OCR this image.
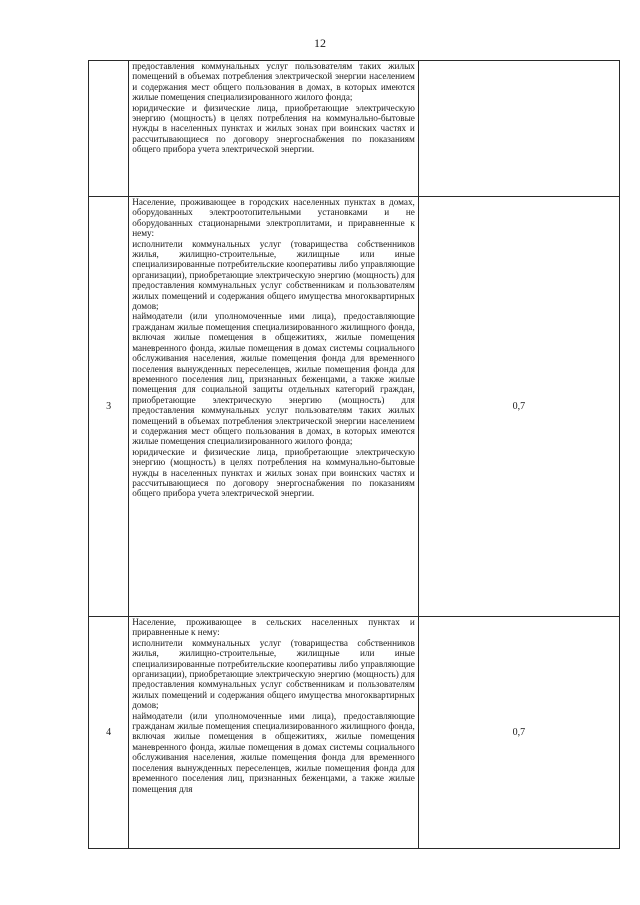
12

	предоставления коммунальных услуг пользователям таких жилых помещений в объемах потребления электрической энергии населением и содержания мест общего пользования в домах, в которых имеются жилые помещения специализированного жилого фонда;

юридические и физические лица, приобретающие электрическую энергию (мощность) в целях потребления на коммунально-бытовые нужды в населенных пунктах и жилых зонах при воинских частях и рассчитывающиеся по договору энергоснабжения по показаниям общего прибора учета электрической энергии.	

3	Население, проживающее в городских населенных пунктах в домах, оборудованных электроотопительными установками и не оборудованных стационарными электроплитами, и приравненные к нему:

исполнители коммунальных услуг (товарищества собственников жилья, жилищно-строительные, жилищные или иные специализированные потребительские кооперативы либо управляющие организации), приобретающие электрическую энергию (мощность) для предоставления коммунальных услуг собственникам и пользователям жилых помещений и содержания общего имущества многоквартирных домов;

наймодатели (или уполномоченные ими лица), предоставляющие гражданам жилые помещения специализированного жилищного фонда, включая жилые помещения в общежитиях, жилые помещения маневренного фонда, жилые помещения в домах системы социального обслуживания населения, жилые помещения фонда для временного поселения вынужденных переселенцев, жилые помещения фонда для временного поселения лиц, признанных беженцами, а также жилые помещения для социальной защиты отдельных категорий граждан, приобретающие электрическую энергию (мощность) для предоставления коммунальных услуг пользователям таких жилых помещений в объемах потребления электрической энергии населением и содержания мест общего пользования в домах, в которых имеются жилые помещения специализированного жилого фонда;

юридические и физические лица, приобретающие электрическую энергию (мощность) в целях потребления на коммунально-бытовые нужды в населенных пунктах и жилых зонах при воинских частях и рассчитывающиеся по договору энергоснабжения по показаниям общего прибора учета электрической энергии.	0,7
4	Население, проживающее в сельских населенных пунктах и приравненные к нему:

исполнители коммунальных услуг (товарищества собственников жилья, жилищно-строительные, жилищные или иные специализированные потребительские кооперативы либо управляющие организации), приобретающие электрическую энергию (мощность) для предоставления коммунальных услуг собственникам и пользователям жилых помещений и содержания общего имущества многоквартирных домов;

наймодатели (или уполномоченные ими лица), предоставляющие гражданам жилые помещения специализированного жилищного фонда, включая жилые помещения в общежитиях, жилые помещения маневренного фонда, жилые помещения в домах системы социального обслуживания населения, жилые помещения фонда для временного поселения вынужденных переселенцев, жилые помещения фонда для временного поселения лиц, признанных беженцами, а также жилые помещения для	0,7
